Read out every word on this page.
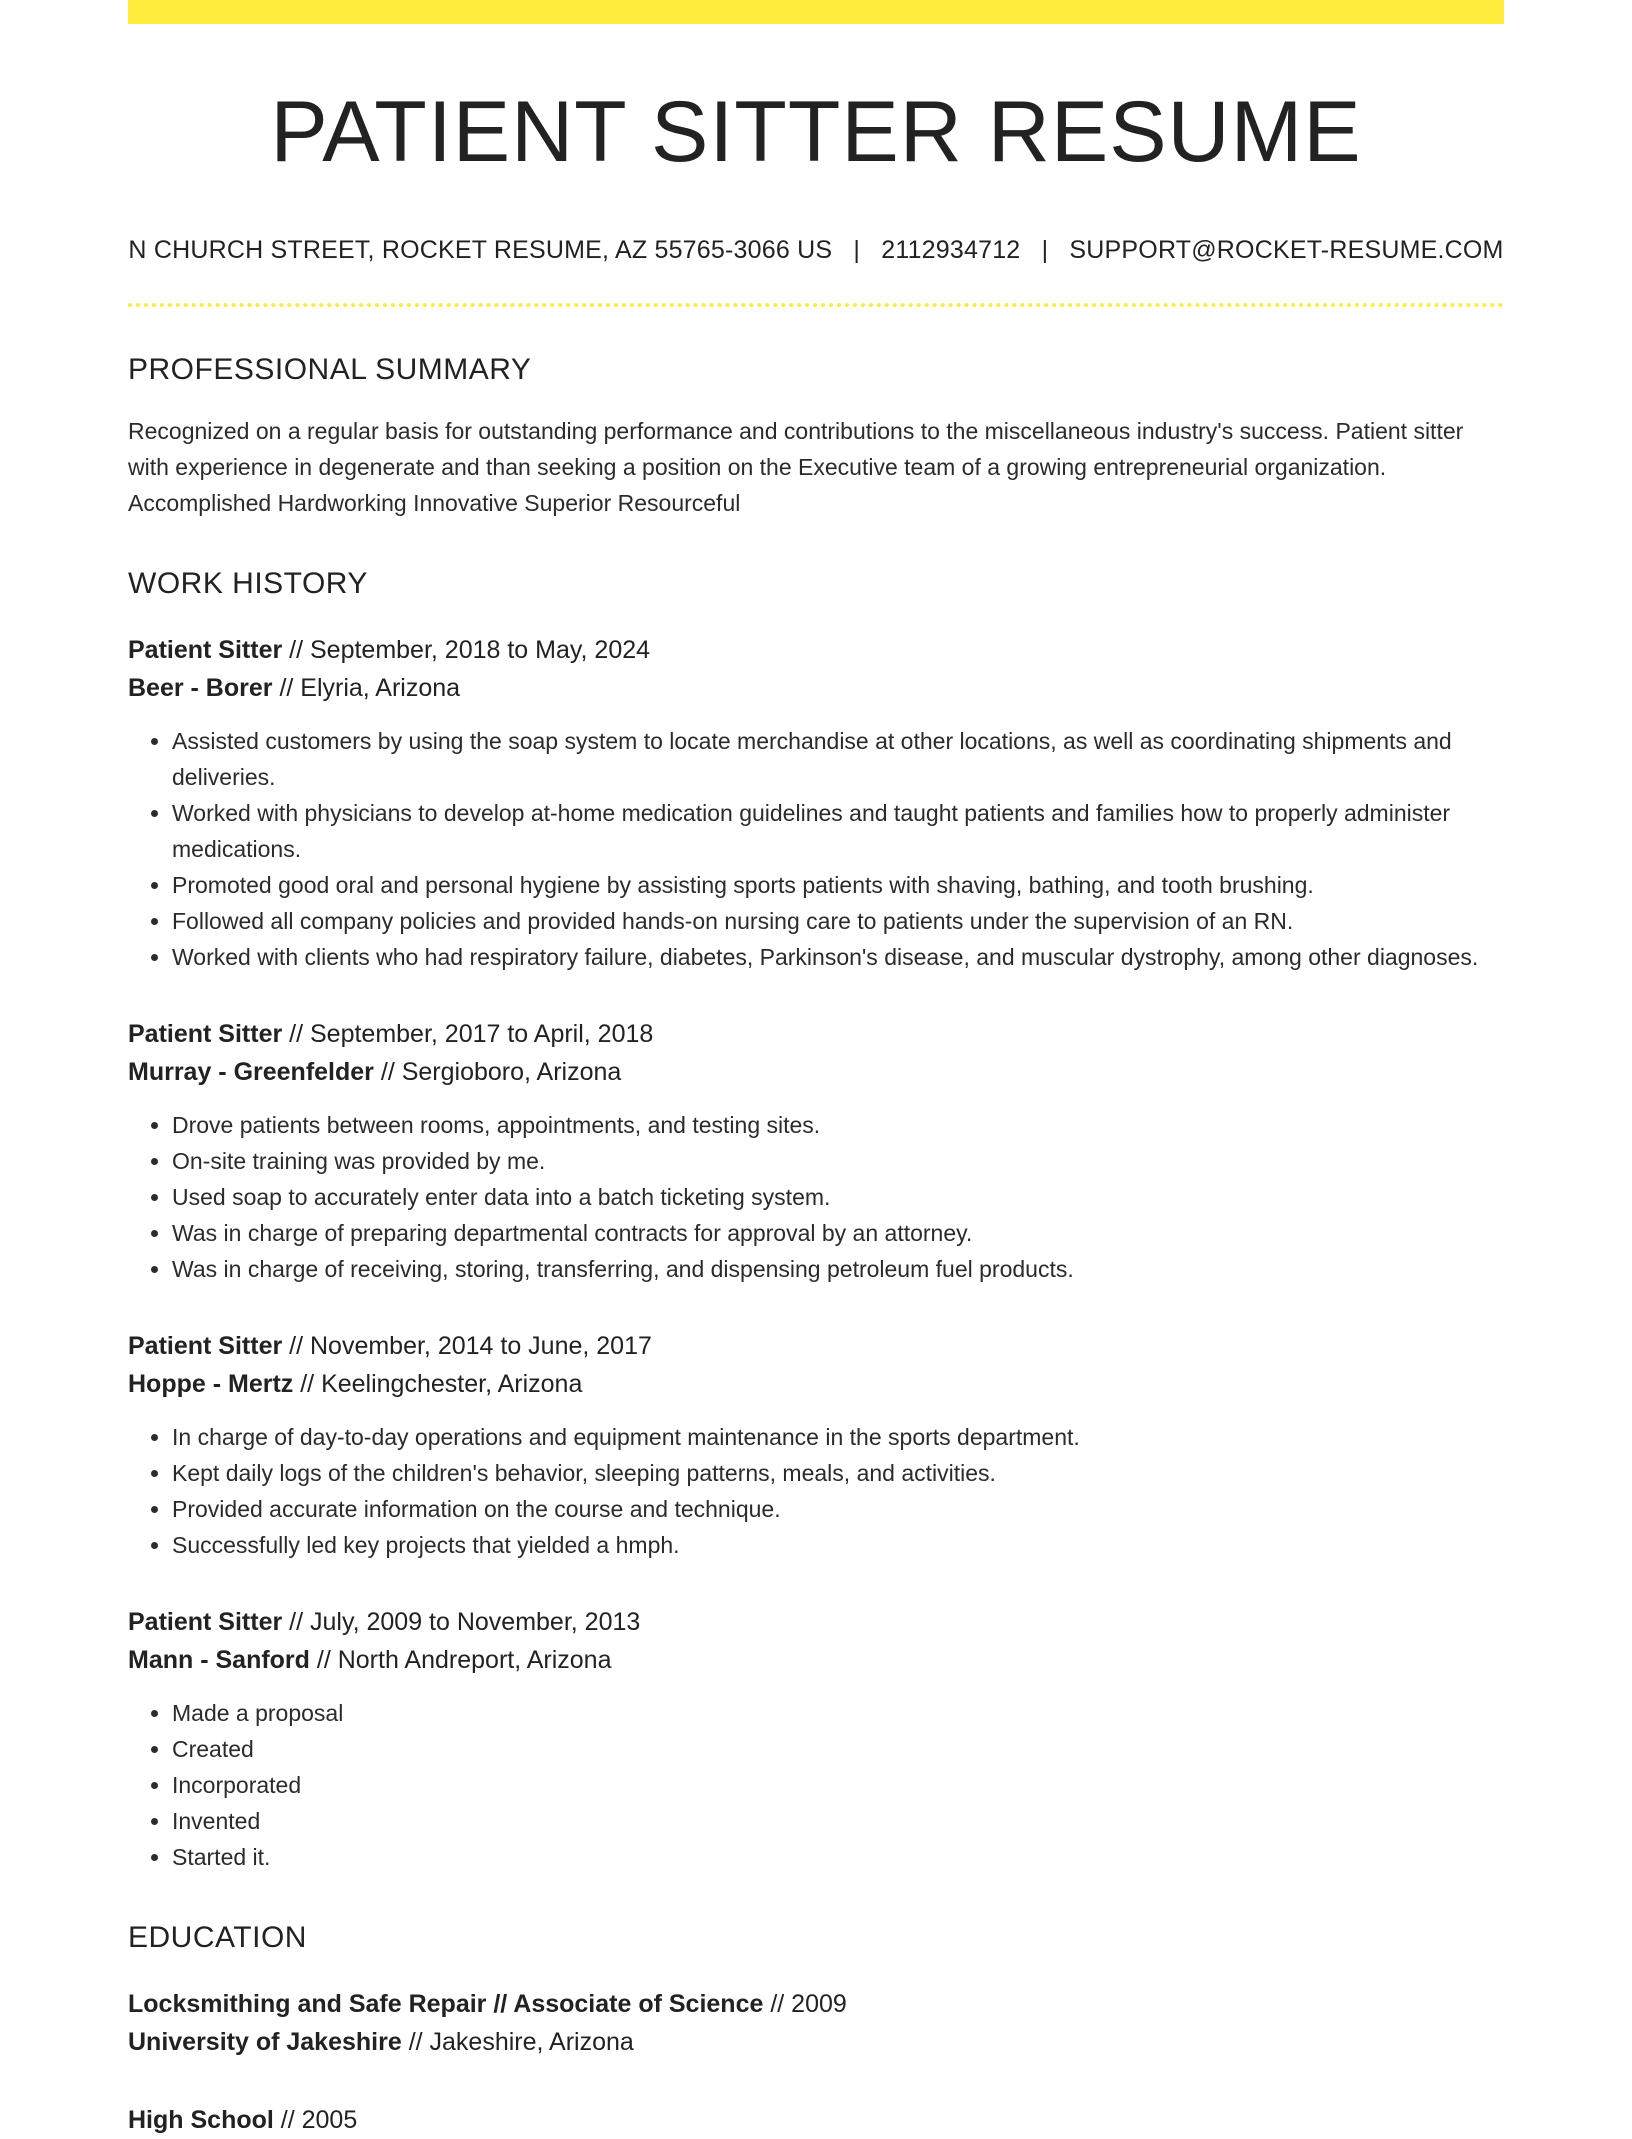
PATIENT SITTER RESUME
N CHURCH STREET, ROCKET RESUME, AZ 55765-3066 US | 2112934712 | SUPPORT@ROCKET-RESUME.COM
PROFESSIONAL SUMMARY
Recognized on a regular basis for outstanding performance and contributions to the miscellaneous industry's success. Patient sitter with experience in degenerate and than seeking a position on the Executive team of a growing entrepreneurial organization. Accomplished Hardworking Innovative Superior Resourceful
WORK HISTORY
Patient Sitter // September, 2018 to May, 2024
Beer - Borer // Elyria, Arizona
• Assisted customers by using the soap system to locate merchandise at other locations, as well as coordinating shipments and deliveries.
• Worked with physicians to develop at-home medication guidelines and taught patients and families how to properly administer medications.
• Promoted good oral and personal hygiene by assisting sports patients with shaving, bathing, and tooth brushing.
• Followed all company policies and provided hands-on nursing care to patients under the supervision of an RN.
• Worked with clients who had respiratory failure, diabetes, Parkinson's disease, and muscular dystrophy, among other diagnoses.
Patient Sitter // September, 2017 to April, 2018
Murray - Greenfelder // Sergioboro, Arizona
• Drove patients between rooms, appointments, and testing sites.
• On-site training was provided by me.
• Used soap to accurately enter data into a batch ticketing system.
• Was in charge of preparing departmental contracts for approval by an attorney.
• Was in charge of receiving, storing, transferring, and dispensing petroleum fuel products.
Patient Sitter // November, 2014 to June, 2017
Hoppe - Mertz // Keelingchester, Arizona
• In charge of day-to-day operations and equipment maintenance in the sports department.
• Kept daily logs of the children's behavior, sleeping patterns, meals, and activities.
• Provided accurate information on the course and technique.
• Successfully led key projects that yielded a hmph.
Patient Sitter // July, 2009 to November, 2013
Mann - Sanford // North Andreport, Arizona
• Made a proposal
• Created
• Incorporated
• Invented
• Started it.
EDUCATION
Locksmithing and Safe Repair // Associate of Science // 2009
University of Jakeshire // Jakeshire, Arizona
High School // 2005
